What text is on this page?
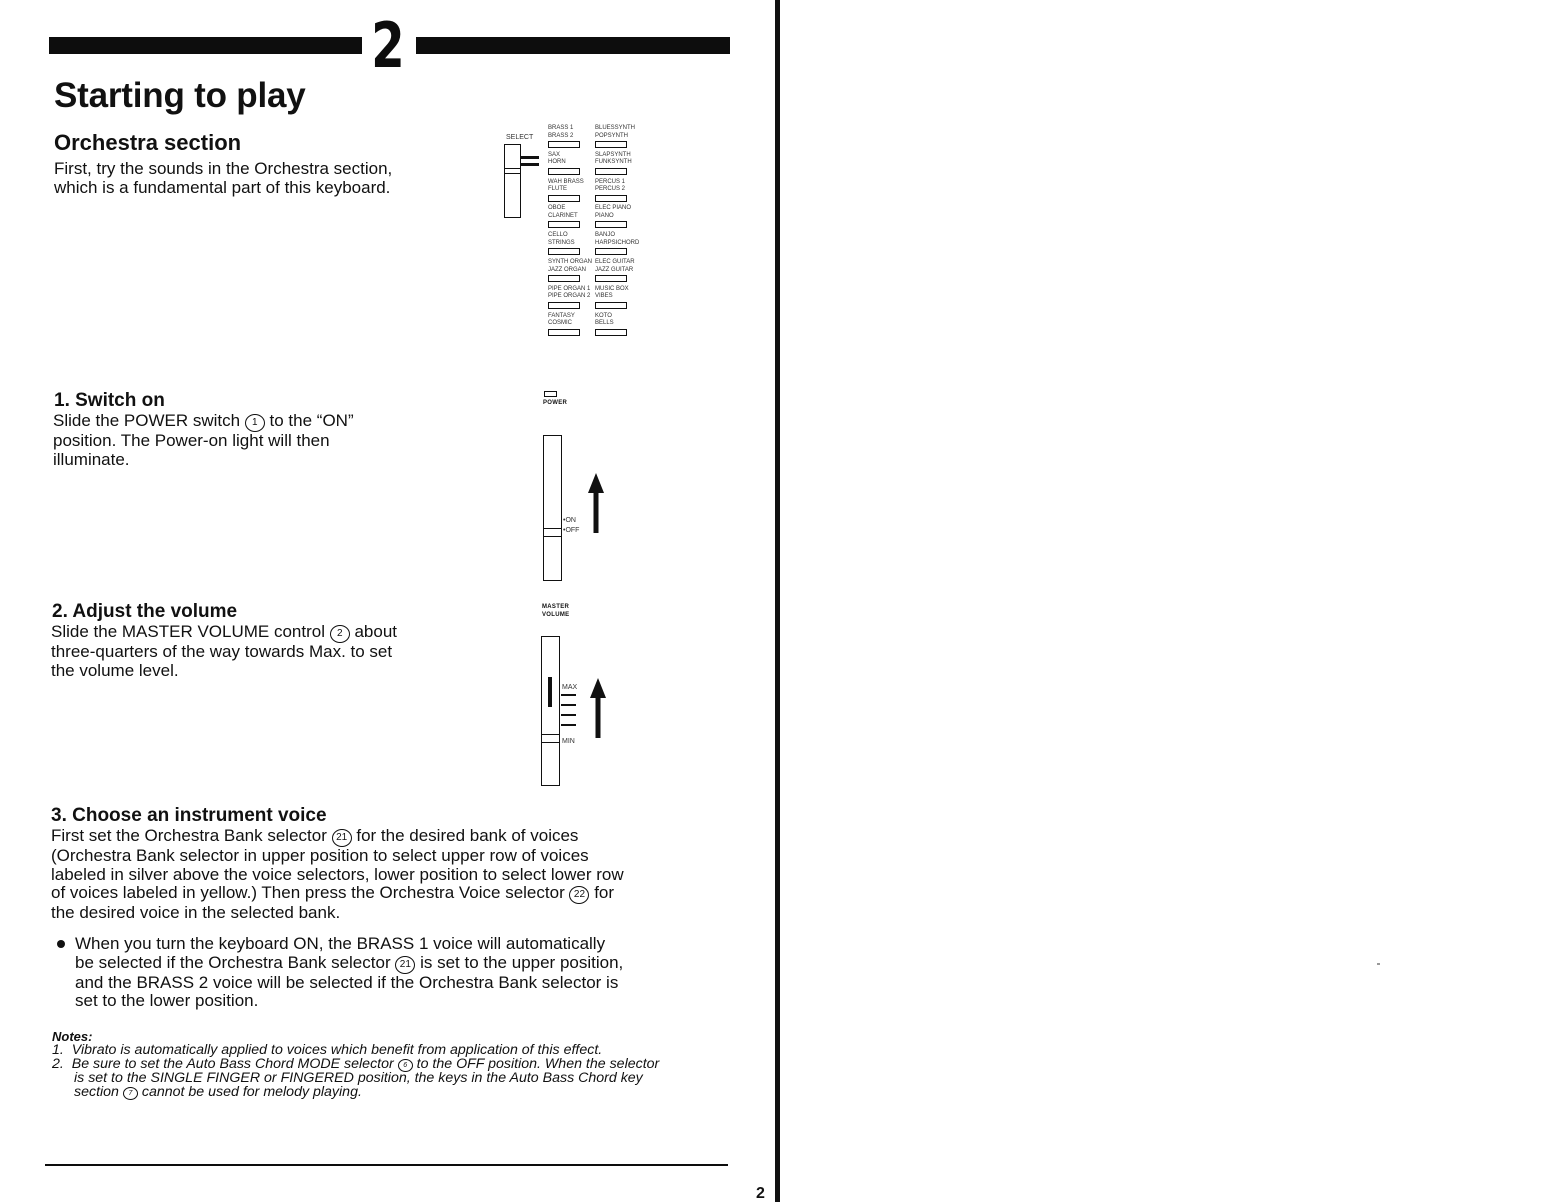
2
Starting to play
Orchestra section
First, try the sounds in the Orchestra section, which is a fundamental part of this keyboard.
SELECT
BRASS 1
BRASS 2
BLUESSYNTH
POPSYNTH
SAX
HORN
SLAPSYNTH
FUNKSYNTH
WAH BRASS
FLUTE
PERCUS 1
PERCUS 2
OBOE
CLARINET
ELEC PIANO
PIANO
CELLO
STRINGS
BANJO
HARPSICHORD
SYNTH ORGAN
JAZZ ORGAN
ELEC GUITAR
JAZZ GUITAR
PIPE ORGAN 1
PIPE ORGAN 2
MUSIC BOX
VIBES
FANTASY
COSMIC
KOTO
BELLS
1. Switch on
Slide the POWER switch 1 to the “ON” position. The Power-on light will then illuminate.
POWER
•ON
•OFF
2. Adjust the volume
Slide the MASTER VOLUME control 2 about three-quarters of the way towards Max. to set the volume level.
MASTER
VOLUME
MAX
MIN
3. Choose an instrument voice
First set the Orchestra Bank selector 21 for the desired bank of voices
(Orchestra Bank selector in upper position to select upper row of voices
labeled in silver above the voice selectors, lower position to select lower row
of voices labeled in yellow.) Then press the Orchestra Voice selector 22 for
the desired voice in the selected bank.
When you turn the keyboard ON, the BRASS 1 voice will automatically
be selected if the Orchestra Bank selector 21 is set to the upper position,
and the BRASS 2 voice will be selected if the Orchestra Bank selector is
set to the lower position.
Notes:
1. Vibrato is automatically applied to voices which benefit from application of this effect.
2. Be sure to set the Auto Bass Chord MODE selector 6 to the OFF position. When the selector
is set to the SINGLE FINGER or FINGERED position, the keys in the Auto Bass Chord key
section 7 cannot be used for melody playing.
2
